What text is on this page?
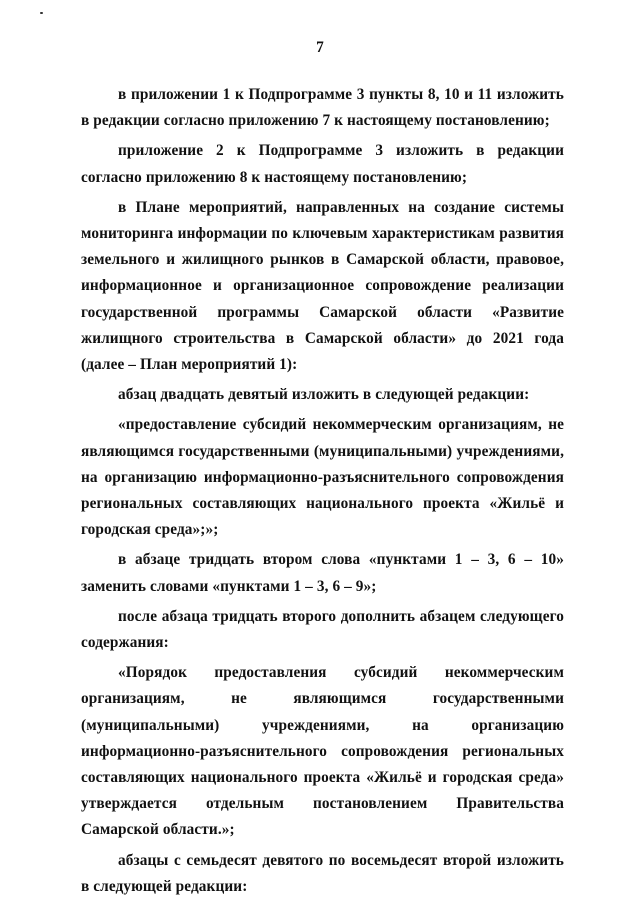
7

в приложении 1 к Подпрограмме 3 пункты 8, 10 и 11 изложить в редакции согласно приложению 7 к настоящему постановлению;

приложение 2 к Подпрограмме 3 изложить в редакции согласно приложению 8 к настоящему постановлению;

в Плане мероприятий, направленных на создание системы мониторинга информации по ключевым характеристикам развития земельного и жилищного рынков в Самарской области, правовое, информационное и организационное сопровождение реализации государственной программы Самарской области «Развитие жилищного строительства в Самарской области» до 2021 года (далее – План мероприятий 1):

абзац двадцать девятый изложить в следующей редакции:

«предоставление субсидий некоммерческим организациям, не являющимся государственными (муниципальными) учреждениями, на организацию информационно-разъяснительного сопровождения региональных составляющих национального проекта «Жильё и городская среда»;»;

в абзаце тридцать втором слова «пунктами 1 – 3, 6 – 10» заменить словами «пунктами 1 – 3, 6 – 9»;

после абзаца тридцать второго дополнить абзацем следующего содержания:

«Порядок предоставления субсидий некоммерческим организациям, не являющимся государственными (муниципальными) учреждениями, на организацию информационно-разъяснительного сопровождения региональных составляющих национального проекта «Жильё и городская среда» утверждается отдельным постановлением Правительства Самарской области.»;

абзацы с семьдесят девятого по восемьдесят второй изложить в следующей редакции:
